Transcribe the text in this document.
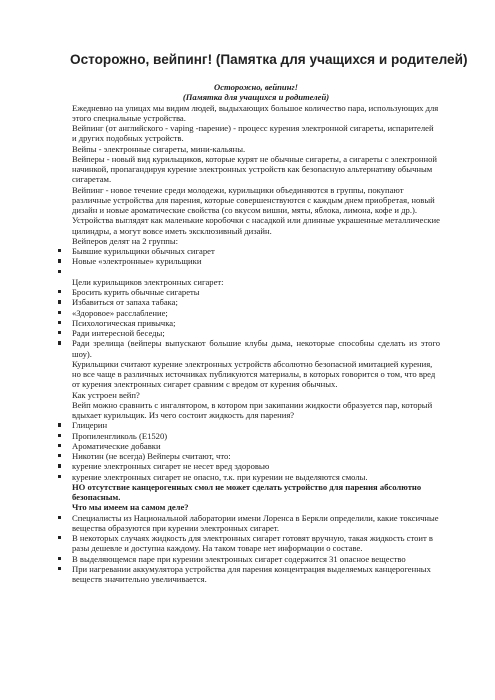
Осторожно, вейпинг! (Памятка для учащихся и родителей)

Осторожно, вейпинг!

(Памятка для учащихся и родителей)

Ежедневно на улицах мы видим людей, выдыхающих большое количество пара, использующих для этого специальные устройства.

Вейпинг (от английского - vaping -парение) - процесс курения электронной сигареты, испарителей и других подобных устройств.

Вейпы - электронные сигареты, мини-кальяны.

Вейперы - новый вид курильщиков, которые курят не обычные сигареты, а сигареты с электронной начинкой, пропагандируя курение электронных устройств как безопасную альтернативу обычным сигаретам.

Вейпинг - новое течение среди молодежи, курильщики объединяются в группы, покупают различные устройства для парения, которые совершенствуются с каждым днем приобретая, новый дизайн и новые ароматические свойства (со вкусом вишни, мяты, яблока, лимона, кофе и др.). Устройства выглядят как маленькие коробочки с насадкой или длинные украшенные металлические цилиндры, а могут вовсе иметь эксклюзивный дизайн.

Вейперов делят на 2 группы:

Бывшие курильщики обычных сигарет
Новые «электронные» курильщики

Цели курильщиков электронных сигарет:

Бросить курить обычные сигареты
Избавиться от запаха табака;
«Здоровое» расслабление;
Психологическая привычка;
Ради интересной беседы;
Ради зрелища (вейперы выпускают большие клубы дыма, некоторые способны сделать из этого шоу).

Курильщики считают курение электронных устройств абсолютно безопасной имитацией курения, но все чаще в различных источниках публикуются материалы, в которых говорится о том, что вред от курения электронных сигарет сравним с вредом от курения обычных.

Как устроен вейп?

Вейп можно сравнить с ингалятором, в котором при закипании жидкости образуется пар, который вдыхает курильщик. Из чего состоит жидкость для парения?

Глицерин
Пропиленгликоль (Е1520)
Ароматические добавки
Никотин (не всегда) Вейперы считают, что:
курение электронных сигарет не несет вред здоровью
курение электронных сигарет не опасно, т.к. при курении не выделяются смолы.

НО отсутствие канцерогенных смол не может сделать устройство для парения абсолютно безопасным.

Что мы имеем на самом деле?

Специалисты из Национальной лаборатории имени Лоренса в Беркли определили, какие токсичные вещества образуются при курении электронных сигарет.
В некоторых случаях жидкость для электронных сигарет готовят вручную, такая жидкость стоит в разы дешевле и доступна каждому. На таком товаре нет информации о составе.
В выделяющемся паре при курении электронных сигарет содержится 31 опасное вещество
При нагревании аккумулятора устройства для парения концентрация выделяемых канцерогенных веществ значительно увеличивается.
